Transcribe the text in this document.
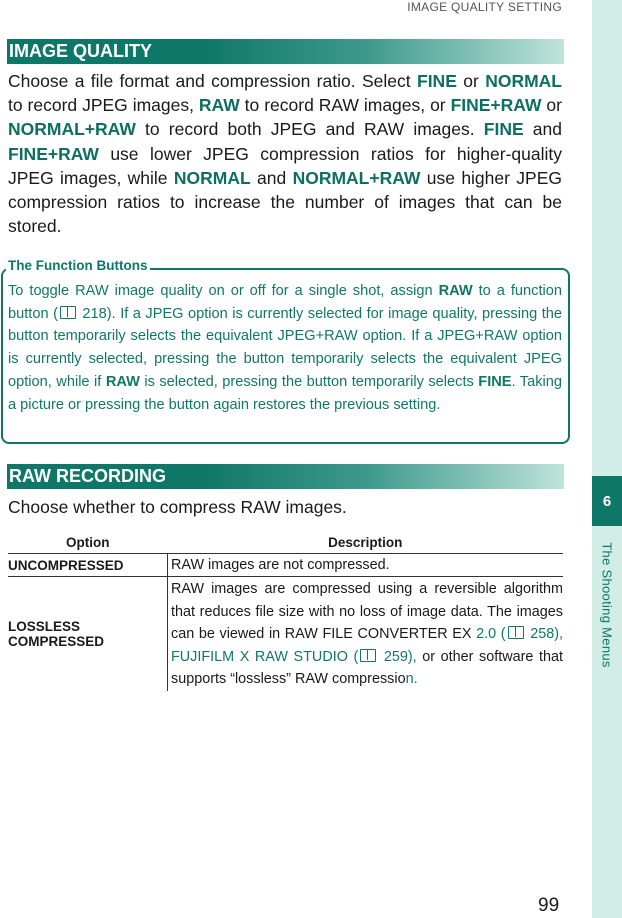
6
The Shooting Menus
IMAGE QUALITY SETTING
IMAGE QUALITY
Choose a file format and compression ratio. Select FINE or NORMAL to record JPEG images, RAW to record RAW images, or FINE+RAW or NORMAL+RAW to record both JPEG and RAW images. FINE and FINE+RAW use lower JPEG compression ratios for higher-quality JPEG images, while NORMAL and NORMAL+RAW use higher JPEG compression ratios to increase the number of images that can be stored.
The Function Buttons
To toggle RAW image quality on or off for a single shot, assign RAW to a function button ( 218). If a JPEG option is currently selected for image quality, pressing the button temporarily selects the equivalent JPEG+RAW option. If a JPEG+RAW option is currently selected, pressing the button temporarily selects the equivalent JPEG option, while if RAW is selected, pressing the button temporarily selects FINE. Taking a picture or pressing the button again restores the previous setting.
RAW RECORDING
Choose whether to compress RAW images.
Option	Description
UNCOMPRESSED	RAW images are not compressed.
LOSSLESS COMPRESSED	RAW images are compressed using a reversible algorithm that reduces file size with no loss of image data. The images can be viewed in RAW FILE CONVERTER EX 2.0 ( 258), FUJIFILM X RAW STUDIO ( 259), or other software that supports “lossless” RAW compression.
99
